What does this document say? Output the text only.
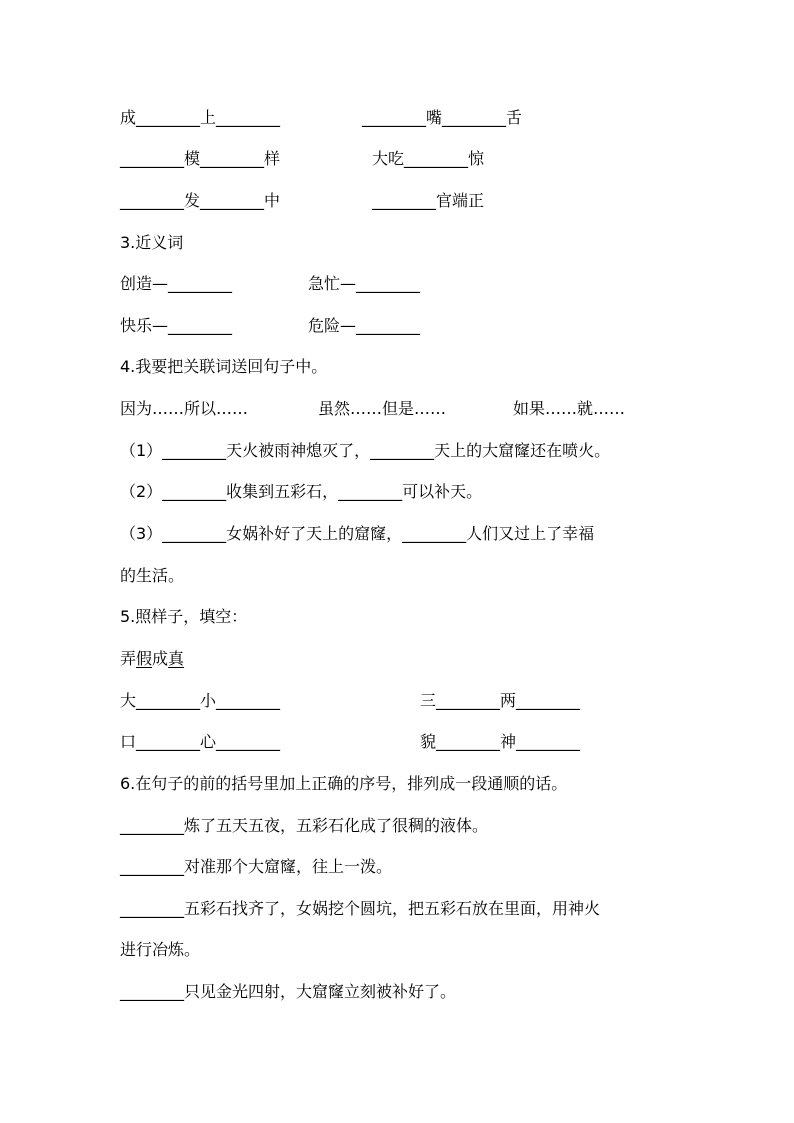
成________上________	________嘴________舌
________模________样	大吃________惊
________发________中	________官端正
3.近义词
创造—________	急忙—________
快乐—________	危险—________
4.我要把关联词送回句子中。
因为……所以……	虽然……但是……	如果……就……
（1）________天火被雨神熄灭了，________天上的大窟窿还在喷火。
（2）________收集到五彩石，________可以补天。
（3）________女娲补好了天上的窟窿，________人们又过上了幸福
的生活。
5.照样子，填空：
弄假成真
大________小________	三________两________
口________心________	貌________神________
6.在句子的前的括号里加上正确的序号，排列成一段通顺的话。
________炼了五天五夜，五彩石化成了很稠的液体。
________对准那个大窟窿，往上一泼。
________五彩石找齐了，女娲挖个圆坑，把五彩石放在里面，用神火
进行冶炼。
________只见金光四射，大窟窿立刻被补好了。
